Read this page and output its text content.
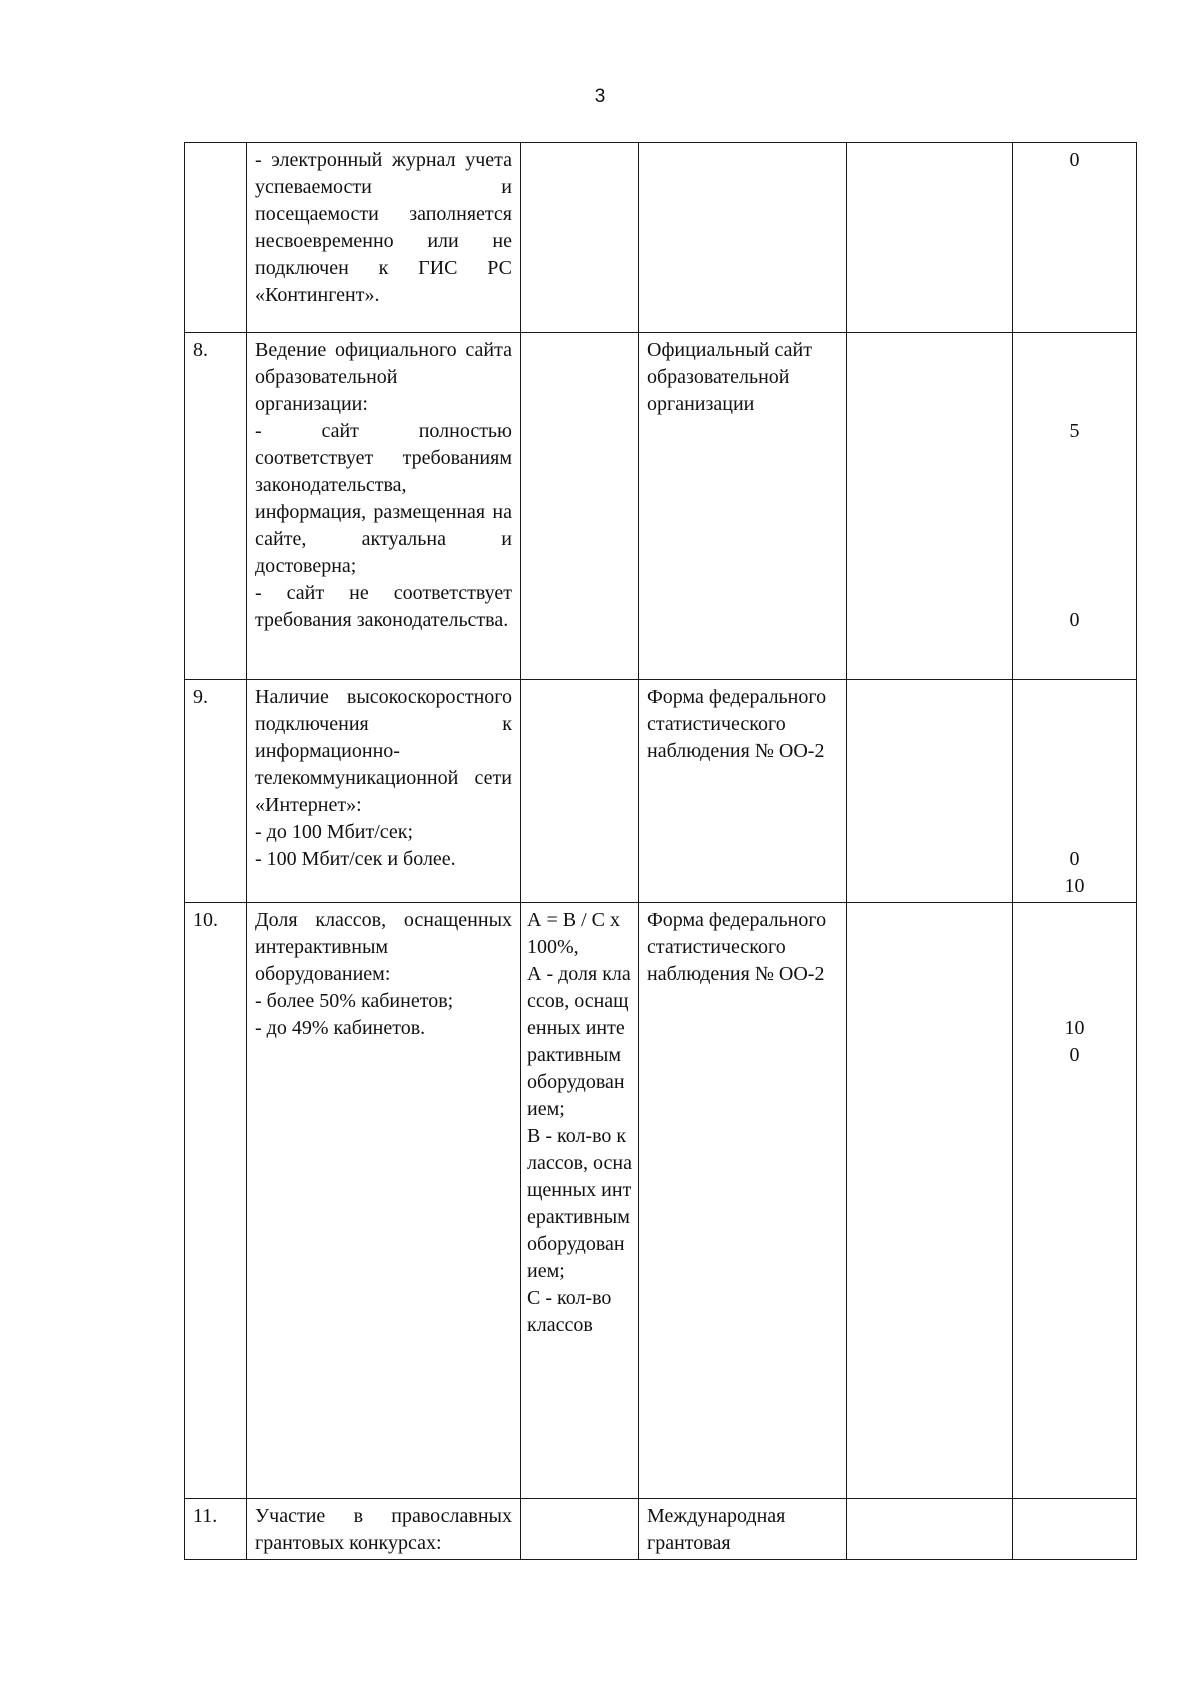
3

	- электронный журнал учета успеваемости и посещаемости заполняется несвоевременно или не подключен к ГИС РС «Контингент».				0

8.	Ведение официального сайта образовательной организации:
- сайт полностью соответствует требованиям законодательства, информация, размещенная на сайте, актуальна и достоверна;
- сайт не соответствует требования законодательства.		Официальный сайт образовательной организации		5
0

9.	Наличие высокоскоростного подключения к информационно-телекоммуникационной сети «Интернет»:
- до 100 Мбит/сек;
- 100 Мбит/сек и более.		Форма федерального статистического наблюдения № ОО-2		0
10

10.	Доля классов, оснащенных интерактивным оборудованием:
- более 50% кабинетов;
- до 49% кабинетов.	А = В / С х 100%,
А - доля классов, оснащенных интерактивным оборудованием;
В - кол-во классов, оснащенных интерактивным оборудованием;
С - кол-во классов	Форма федерального статистического наблюдения № ОО-2		10
0

11.	Участие в православных грантовых конкурсах:		Международная грантовая		
